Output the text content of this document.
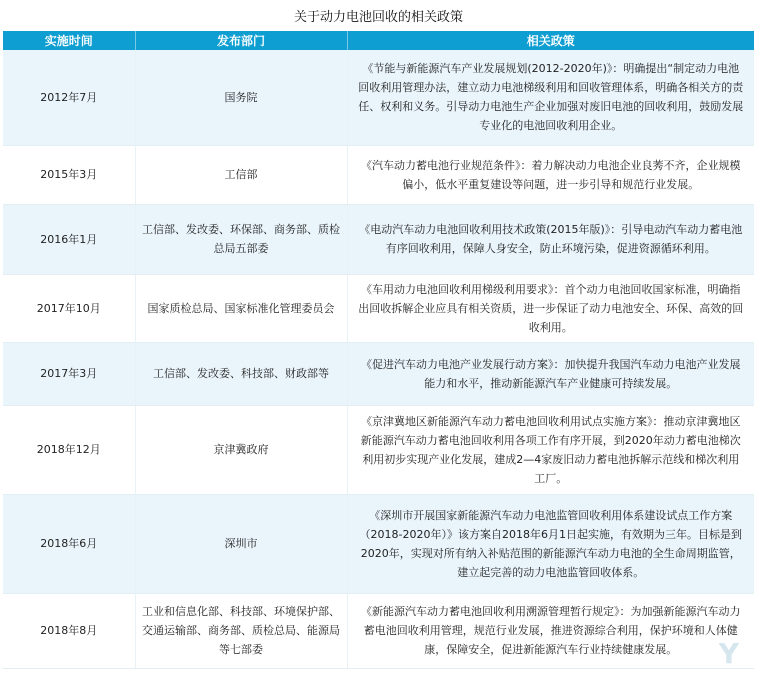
关于动力电池回收的相关政策
实施时间	发布部门	相关政策
2012年7月	国务院	《节能与新能源汽车产业发展规划(2012-2020年)》：明确提出“制定动力电池回收利用管理办法，建立动力电池梯级利用和回收管理体系，明确各相关方的责任、权利和义务。引导动力电池生产企业加强对废旧电池的回收利用，鼓励发展专业化的电池回收利用企业。
2015年3月	工信部	《汽车动力蓄电池行业规范条件》：着力解决动力电池企业良莠不齐，企业规模偏小，低水平重复建设等问题，进一步引导和规范行业发展。
2016年1月	工信部、发改委、环保部、商务部、质检总局五部委	《电动汽车动力电池回收利用技术政策(2015年版)》：引导电动汽车动力蓄电池有序回收利用，保障人身安全，防止环境污染，促进资源循环利用。
2017年10月	国家质检总局、国家标准化管理委员会	《车用动力电池回收利用梯级利用要求》：首个动力电池回收国家标准，明确指出回收拆解企业应具有相关资质，进一步保证了动力电池安全、环保、高效的回收利用。
2017年3月	工信部、发改委、科技部、财政部等	《促进汽车动力电池产业发展行动方案》：加快提升我国汽车动力电池产业发展能力和水平，推动新能源汽车产业健康可持续发展。
2018年12月	京津冀政府	《京津冀地区新能源汽车动力蓄电池回收利用试点实施方案》：推动京津冀地区新能源汽车动力蓄电池回收利用各项工作有序开展，到2020年动力蓄电池梯次利用初步实现产业化发展，建成2—4家废旧动力蓄电池拆解示范线和梯次利用工厂。
2018年6月	深圳市	《深圳市开展国家新能源汽车动力电池监管回收利用体系建设试点工作方案（2018-2020年）》该方案自2018年6月1日起实施，有效期为三年。目标是到2020年，实现对所有纳入补贴范围的新能源汽车动力电池的全生命周期监管，建立起完善的动力电池监管回收体系。
2018年8月	工业和信息化部、科技部、环境保护部、交通运输部、商务部、质检总局、能源局等七部委	《新能源汽车动力蓄电池回收利用溯源管理暂行规定》：为加强新能源汽车动力蓄电池回收利用管理，规范行业发展，推进资源综合利用，保护环境和人体健康，保障安全，促进新能源汽车行业持续健康发展。 Y
